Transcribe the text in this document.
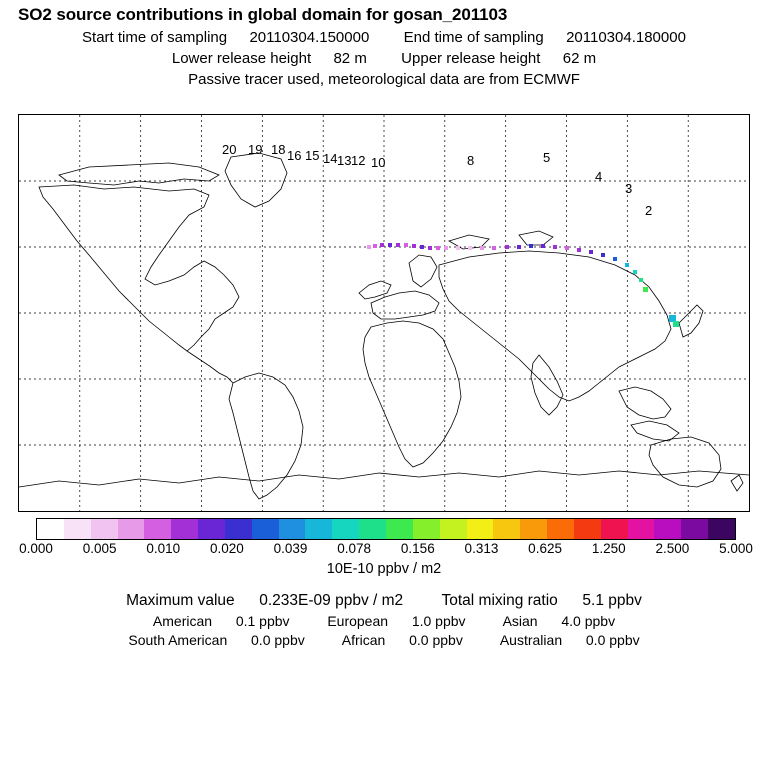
SO2 source contributions in global domain for gosan_201103
Start time of sampling 20110304.150000 End time of sampling 20110304.180000
Lower release height 82 m Upper release height 62 m
Passive tracer used, meteorological data are from ECMWF
20 19 18 16 15 14 13 12 10	8	5
4
3
2
0.000 0.005 0.010 0.020 0.039 0.078 0.156 0.313 0.625 1.250 2.500 5.000
10E-10 ppbv / m2
Maximum value 0.233E-09 ppbv / m2 Total mixing ratio 5.1 ppbv
American 0.1 ppbv	European 1.0 ppbv	Asian 4.0 ppbv
South American 0.0 ppbv	African 0.0 ppbv	Australian 0.0 ppbv
